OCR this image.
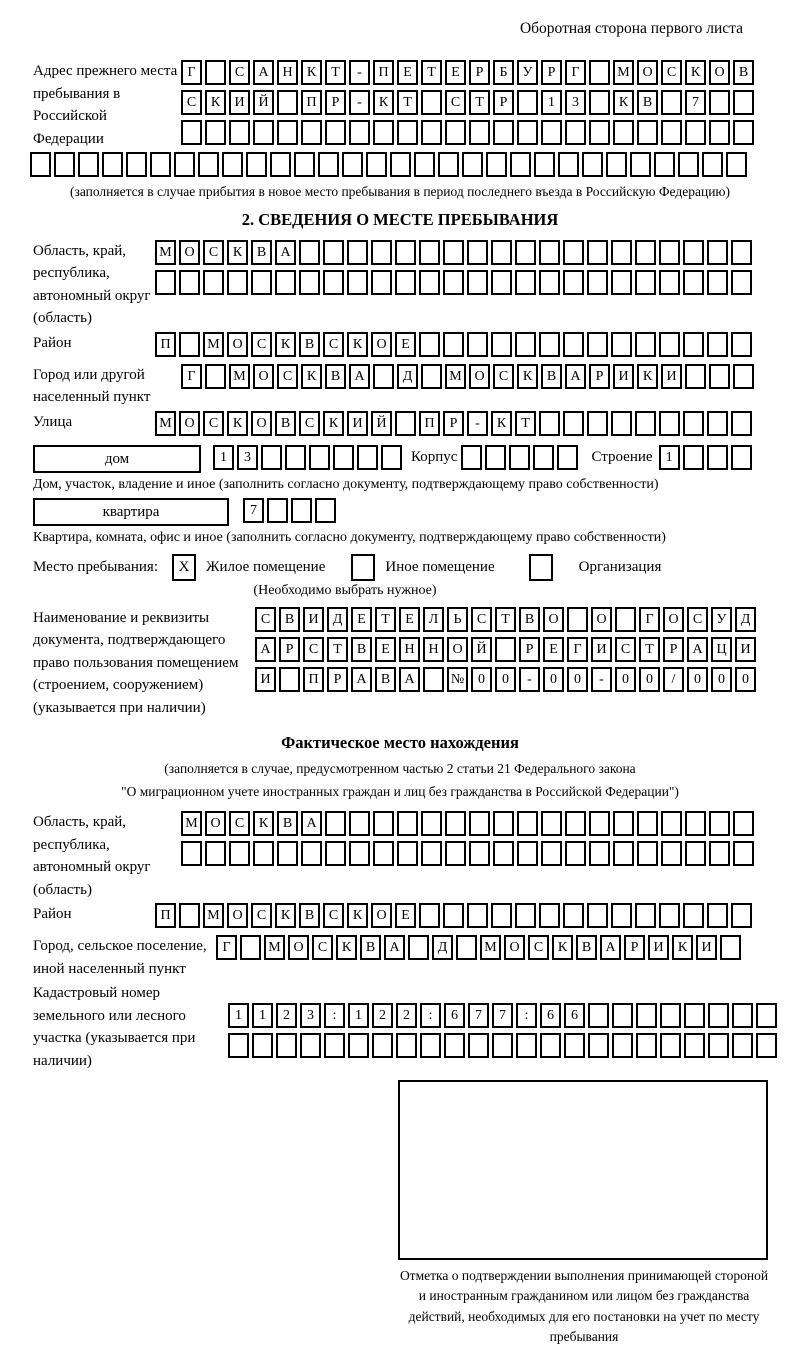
Оборотная сторона первого листа
Адрес прежнего места пребывания в Российской Федерации
Г	С А Н К Т - П Е Т Е Р Б У Р Г	М О С К О В
С К И Й	П Р - К Т	С Т Р	1 3	К В	7
(заполняется в случае прибытия в новое место пребывания в период последнего въезда в Российскую Федерацию)
2. СВЕДЕНИЯ О МЕСТЕ ПРЕБЫВАНИЯ
Область, край, республика, автономный округ (область)
М О С К В А
Район	П	М О С К В С К О Е
Город или другой населенный пункт
Г	М О С К В А	Д	М О С К В А Р И К И
Улица	М О С К О В С К И Й	П Р - К Т
дом	1 3	Корпус	Строение 1
Дом, участок, владение и иное (заполнить согласно документу, подтверждающему право собственности)
квартира	7
Квартира, комната, офис и иное (заполнить согласно документу, подтверждающему право собственности)
Место пребывания:	X	Жилое помещение	Иное помещение	Организация
(Необходимо выбрать нужное)
Наименование и реквизиты документа, подтверждающего право пользования помещением (строением, сооружением) (указывается при наличии)
С В И Д Е Т Е Л Ь С Т В О	О	Г О С У Д
А Р С Т В Е Н Н О Й	Р Е Г И С Т Р А Ц И
И	П Р А В А	№ 0 0 - 0 0 - 0 0 / 0 0 0
Фактическое место нахождения
(заполняется в случае, предусмотренном частью 2 статьи 21 Федерального закона
"О миграционном учете иностранных граждан и лиц без гражданства в Российской Федерации")
Область, край, республика, автономный округ (область)
М О С К В А
Район	П	М О С К В С К О Е
Город, сельское поселение, иной населенный пункт
Г	М О С К В А	Д	М О С К В А Р И К И
Кадастровый номер земельного или лесного участка (указывается при наличии)
1 1 2 3 : 1 2 2 : 6 7 7 : 6 6
Отметка о подтверждении выполнения принимающей стороной и иностранным гражданином или лицом без гражданства действий, необходимых для его постановки на учет по месту пребывания
